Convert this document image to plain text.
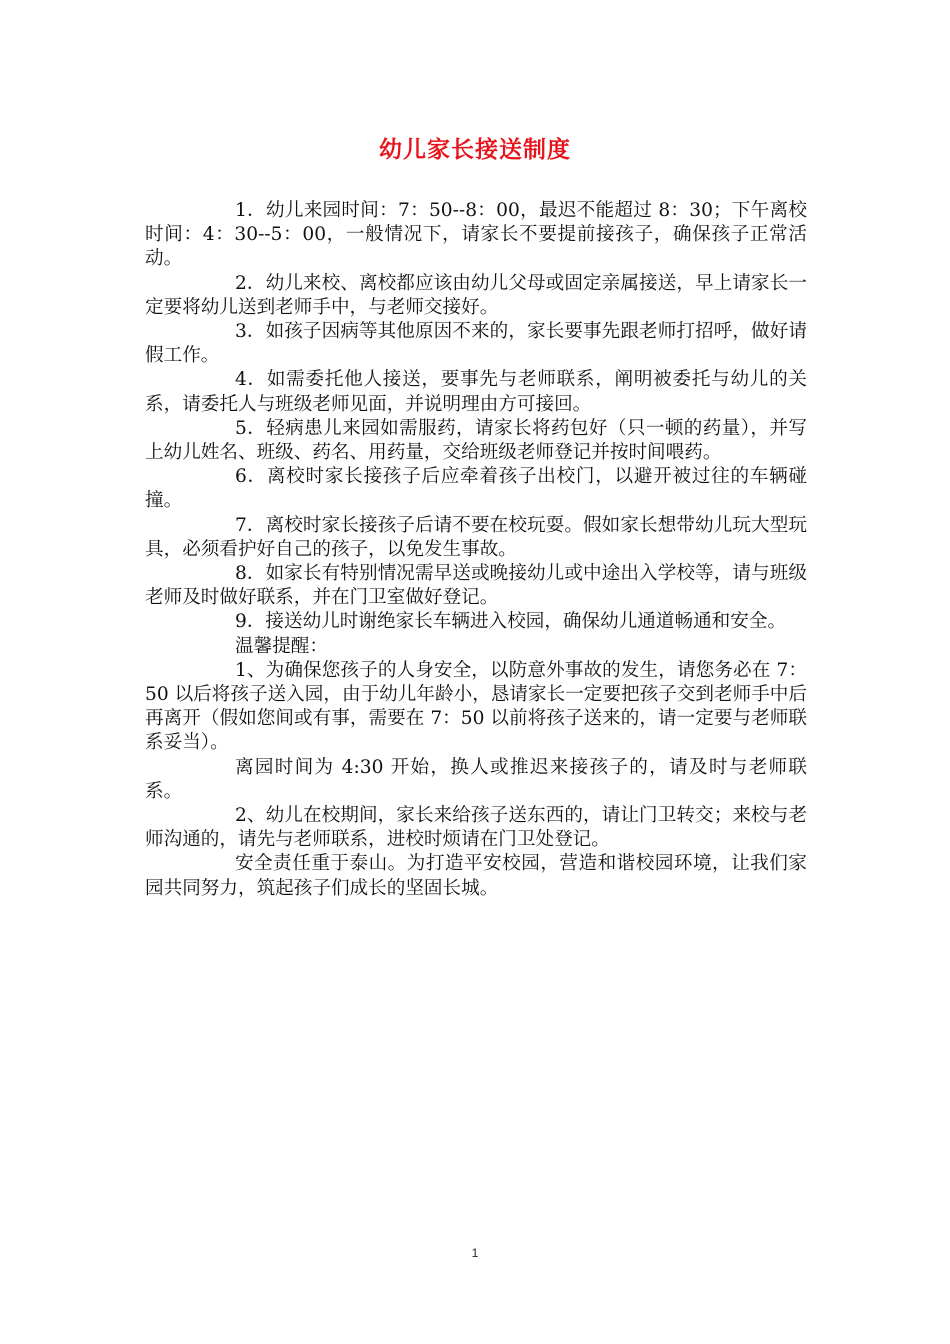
幼儿家长接送制度

1．幼儿来园时间：7：50--8：00，最迟不能超过 8：30；下午离校时间：4：30--5：00，一般情况下，请家长不要提前接孩子，确保孩子正常活动。

2．幼儿来校、离校都应该由幼儿父母或固定亲属接送，早上请家长一定要将幼儿送到老师手中，与老师交接好。

3．如孩子因病等其他原因不来的，家长要事先跟老师打招呼，做好请假工作。

4．如需委托他人接送，要事先与老师联系，阐明被委托与幼儿的关系，请委托人与班级老师见面，并说明理由方可接回。

5．轻病患儿来园如需服药，请家长将药包好（只一顿的药量），并写上幼儿姓名、班级、药名、用药量，交给班级老师登记并按时间喂药。

6．离校时家长接孩子后应牵着孩子出校门，以避开被过往的车辆碰撞。

7．离校时家长接孩子后请不要在校玩耍。假如家长想带幼儿玩大型玩具，必须看护好自己的孩子，以免发生事故。

8．如家长有特别情况需早送或晚接幼儿或中途出入学校等，请与班级老师及时做好联系，并在门卫室做好登记。

9．接送幼儿时谢绝家长车辆进入校园，确保幼儿通道畅通和安全。

温馨提醒：

1、为确保您孩子的人身安全，以防意外事故的发生，请您务必在 7：50 以后将孩子送入园，由于幼儿年龄小，恳请家长一定要把孩子交到老师手中后再离开（假如您间或有事，需要在 7：50 以前将孩子送来的，请一定要与老师联系妥当）。

离园时间为 4:30 开始，换人或推迟来接孩子的，请及时与老师联系。

2、幼儿在校期间，家长来给孩子送东西的，请让门卫转交；来校与老师沟通的，请先与老师联系，进校时烦请在门卫处登记。

安全责任重于泰山。为打造平安校园，营造和谐校园环境，让我们家园共同努力，筑起孩子们成长的坚固长城。

1
